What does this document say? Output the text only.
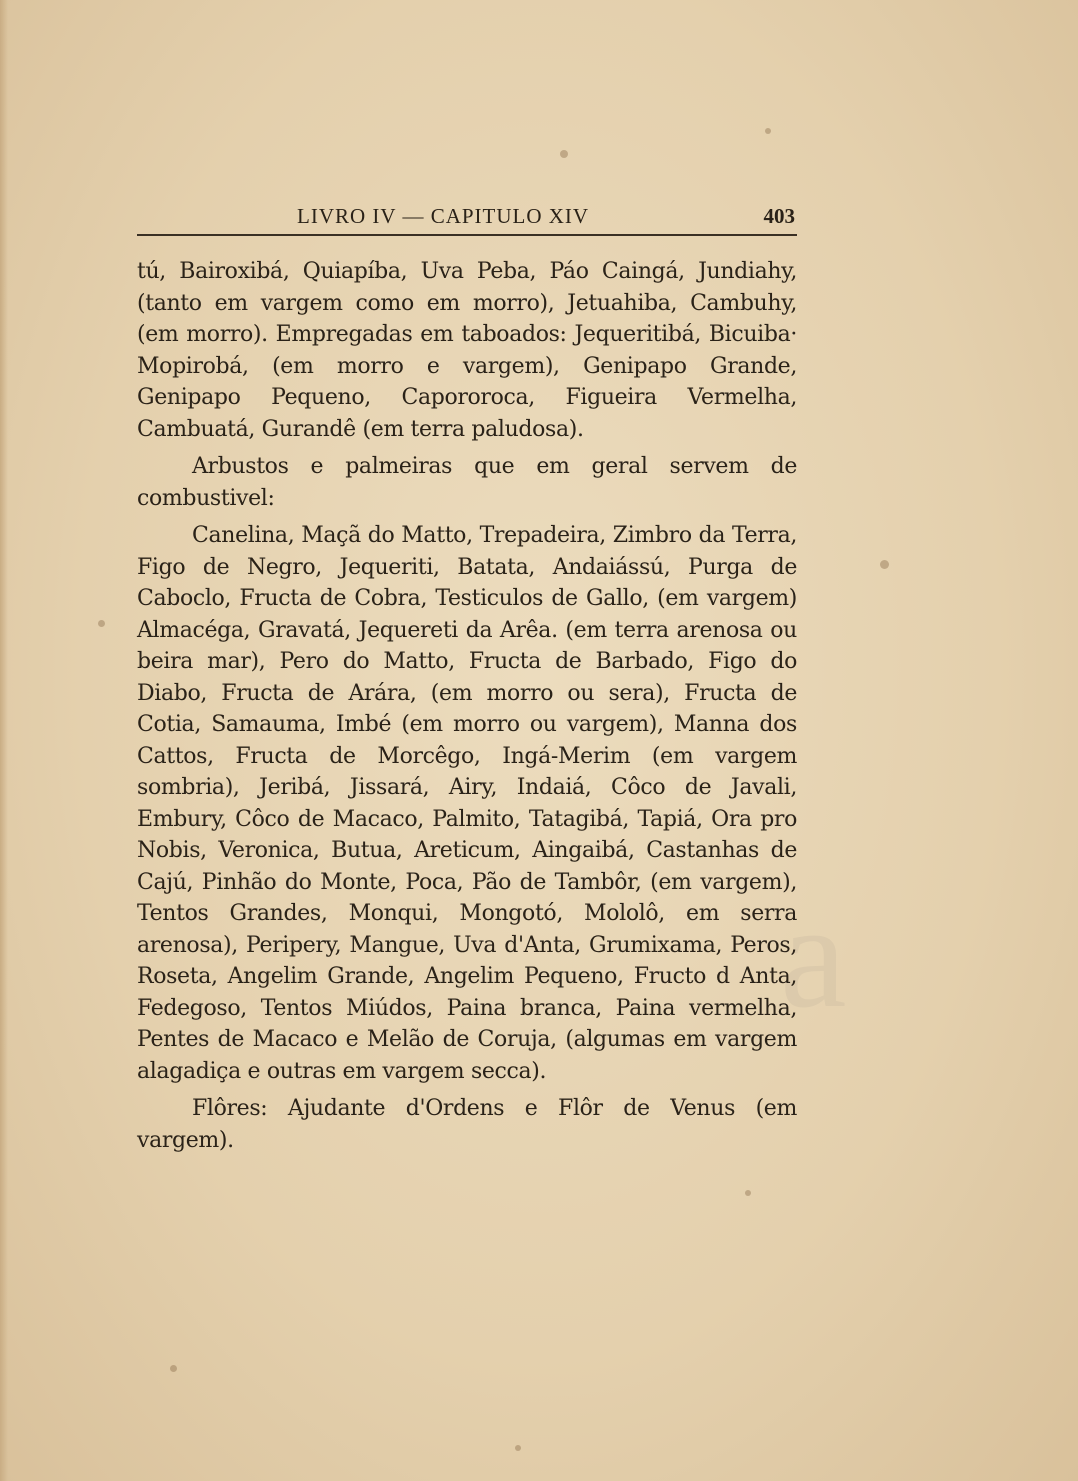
a
LIVRO IV — CAPITULO XIV	403

tú, Bairoxibá, Quiapíba, Uva Peba, Páo Caingá, Jundiahy, (tanto em vargem como em morro), Jetuahiba, Cambuhy, (em morro). Empregadas em taboados: Jequeritibá, Bicuiba· Mopirobá, (em morro e vargem), Genipapo Grande, Genipapo Pequeno, Capororoca, Figueira Vermelha, Cambuatá, Gurandê (em terra paludosa).

Arbustos e palmeiras que em geral servem de combustivel:

Canelina, Maçã do Matto, Trepadeira, Zimbro da Terra, Figo de Negro, Jequeriti, Batata, Andaiássú, Purga de Caboclo, Fructa de Cobra, Testiculos de Gallo, (em vargem) Almacéga, Gravatá, Jequereti da Arêa. (em terra arenosa ou beira mar), Pero do Matto, Fructa de Barbado, Figo do Diabo, Fructa de Arára, (em morro ou sera), Fructa de Cotia, Samauma, Imbé (em morro ou vargem), Manna dos Cattos, Fructa de Morcêgo, Ingá-Merim (em vargem sombria), Jeribá, Jissará, Airy, Indaiá, Côco de Javali, Embury, Côco de Macaco, Palmito, Tatagibá, Tapiá, Ora pro Nobis, Veronica, Butua, Areticum, Aingaibá, Castanhas de Cajú, Pinhão do Monte, Poca, Pão de Tambôr, (em vargem), Tentos Grandes, Monqui, Mongotó, Mololô, em serra arenosa), Peripery, Mangue, Uva d'Anta, Grumixama, Peros, Roseta, Angelim Grande, Angelim Pequeno, Fructo d Anta, Fedegoso, Tentos Miúdos, Paina branca, Paina vermelha, Pentes de Macaco e Melão de Coruja, (algumas em vargem alagadiça e outras em vargem secca).

Flôres: Ajudante d'Ordens e Flôr de Venus (em vargem).
